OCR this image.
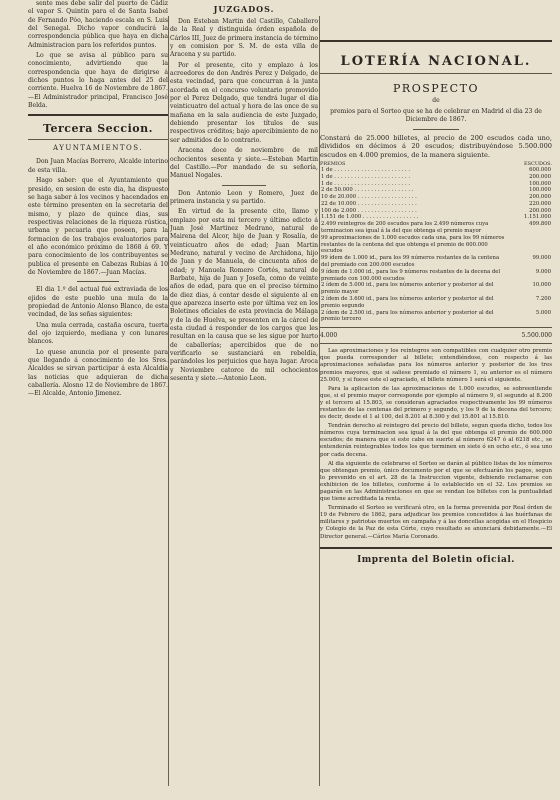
sente mes debe salir del puerto de Cádiz el vapor S. Quintin para el de Santa Isabel de Fernando Póo, haciendo escala en S. Luis del Senegal. Dicho vapor conducirá la correspondencia pública que haya en dicha Administracion para los referidos puntos.

Lo que se avisa al público para su conocimiento, advirtiendo que la correspondencia que haya de dirigirse á dichos puntos lo haga antes del 25 del corriente. Huelva 16 de Noviembre de 1867.—El Administrador principal, Francisco José Belda.

Tercera Seccion.
AYUNTAMIENTOS.

Don Juan Macías Borrero, Alcalde interino de esta villa.

Hago saber: que el Ayuntamiento que presido, en sesion de este dia, ha dispuesto se haga saber á los vecinos y hacendados en este término presenten en la secretaria del mismo, y plazo de quince dias, sus respectivas relaciones de la riqueza rústica, urbana y pecuaria que poseen, para la formacion de los trabajos evaluatorios para el año económico próximo de 1868 á 69. Y para conocimiento de los contribuyentes se publica el presente en Cabezas Rubias á 10 de Noviembre de 1867.—Juan Macías.

El dia 1.º del actual fué extraviada de los ejidos de este pueblo una mula de la propiedad de Antonio Alonso Blanco, de esta vecindad, de las señas siguientes:

Una mula cerrada, castaña oscura, tuerta del ojo izquierdo, mediana y con lunares blancos.

Lo quese anuncia por el presente para que llegando á conocimiento de los Sres. Alcaldes se sirvan participar á esta Alcaldía las noticias que adquieran de dicha caballería. Alosno 12 de Noviembre de 1867.—El Alcalde, Antonio Jimenez.

JUZGADOS.

Don Esteban Martin del Castillo, Caballero de la Real y distinguida órden española de Cárlos III, Juez de primera instancia de término y en comision por S. M. de esta villa de Aracena y su partido.

Por el presente, cito y emplazo á los acreedores de don Andrés Perez y Delgado, de esta vecindad, para que concurran á la junta acordada en el concurso voluntario promovido por el Perez Delgado, que tendrá lugar el dia veinticuatro del actual y hora de las once de su mañana en la sala audiencia de este Juzgado, debiendo presentar los títulos de sus respectivos créditos; bajo apercibimiento de no ser admitidos de lo contrario.

Aracena doce de noviembre de mil ochocientos sesenta y siete.—Esteban Martin del Castillo.—Por mandado de su señoría, Manuel Nogales.

Don Antonio Leon y Romero, Juez de primera instancia y su partido.

En virtud de la presente cito, llamo y emplazo por esta mi tercero y último edicto á Juan José Martinez Medrano, natural de Mairena del Alcor, hijo de Juan y Rosalía, de veinticuatro años de edad; Juan Martin Medrano, natural y vecino de Archidona, hijo de Juan y de Manuela, de cincuenta años de edad; y Manuela Romero Cortés, natural de Barbate, hija de Juan y Josefa, como de veinte años de edad, para que en el preciso término de diez dias, á contar desde el siguiente al en que aparezca inserto este por última vez en los Boletines oficiales de esta provincia de Málaga y de la de Huelva, se presenten en la cárcel de esta ciudad á responder de los cargos que les resultan en la causa que se les sigue por hurto de caballerías; apercibidos que de no verificarlo se sustanciará en rebeldía, parándoles los perjuicios que haya lugar. Aroca y Noviembre catorce de mil ochocientos sesenta y siete.—Antonio Leon.

LOTERÍA NACIONAL.
PROSPECTO
de
premios para el Sorteo que se ha de celebrar en Madrid el dia 23 de Diciembre de 1867.
Constará de 25.000 billetes, al precio de 200 escudos cada uno, divididos en décimos á 20 escudos; distribuyéndose 5.500.000 escudos en 4.000 premios, de la manera siguiente.
PREMIOS	ESCUDOS.
1 de . . . . . . . . . . . . . . . . . . . . . . .	600.000
1 de . . . . . . . . . . . . . . . . . . . . . . .	200.000
1 de . . . . . . . . . . . . . . . . . . . . . . .	100.000
2 de 50.000 . . . . . . . . . . . . . . . . . .	100.000
10 de 20.000 . . . . . . . . . . . . . . . . . .	200.000
22 de 10.000 . . . . . . . . . . . . . . . . . .	220.000
100 de 2.000 . . . . . . . . . . . . . . . . . .	200.000
1.151 de 1.000 . . . . . . . . . . . . . . . . .	1.151.000
2.499 reintegros de 200 escudos para los 2.499 números cuya terminacion sea igual á la del que obtenga el premio mayor	499.800
99 aproximaciones de 1.000 escudos cada una, para los 99 números restantes de la centena del que obtenga el premio de 600.000 escudos	
99 ídem de 1.000 id., para los 99 números restantes de la centena del premiado con 200.000 escudos	99.000
9 ídem de 1.000 id., para los 9 números restantes de la decena del premiado con 100.000 escudos	9.000
2 ídem de 5.000 id., para los números anterior y posterior al del premio mayor	10.000
2 ídem de 3.600 id., para los números anterior y posterior al del premio segundo	7.200
2 ídem de 2.500 id., para los números anterior y posterior al del premio tercero	5.000
4.000	5.500.000

Las aproximaciones y los reintegros son compatibles con cualquier otro premio que pueda corresponder al billete; entendiéndose, con respecto á las aproximaciones señaladas para los números anterior y posterior de los tres premios mayores, que si saliese premiado el número 1, su anterior es el número 25.000, y si fuese este el agraciado, el billete número 1 será el siguiente.

Para la aplicacion de las aproximaciones de 1.000 escudos, se sobreentiende que, si el premio mayor corresponde por ejemplo al número 9, el segundo al 8.200 y el tercero al 15.803, se consideran agraciados respectivamente los 99 números restantes de las centenas del primero y segundo, y los 9 de la decena del tercero; es decir, desde el 1 al 100, del 8.201 al 8.300 y del 15.801 al 15.810.

Tendrán derecho al reintegro del precio del billete, segun queda dicho, todos los números cuya terminacion sea igual á la del que obtenga el premio de 600.000 escudos; de manera que si este cabe en suerte al número 6247 ó al 6218 etc., se entenderán reintegrables todos los que terminen en siete ó en ocho etc., ó sea uno por cada decena.

Al dia siguiente de celebrarse el Sorteo se darán al público listas de los números que obtengan premio, único documento por el que se efectuarán los pagos, segun lo prevenido en el art. 28 de la Instruccion vigente, debiendo reclamarse con exhibicion de los billetes, conforme á lo establecido en el 32. Los premios se pagarán en las Administraciones en que se vendan los billetes con la puntualidad que tiene acreditada la renta.

Terminado el Sorteo se verificará otro, en la forma prevenida por Real órden de 19 de Febrero de 1862, para adjudicar los premios concedidos á las huérfanas de militares y patriotas muertos en campaña y á las doncellas acogidas en el Hospicio y Colegio de la Paz de esta Córte, cuyo resultado se anunciará debidamente.—El Director general.—Cárlos María Coronado.

Imprenta del Boletin oficial.
